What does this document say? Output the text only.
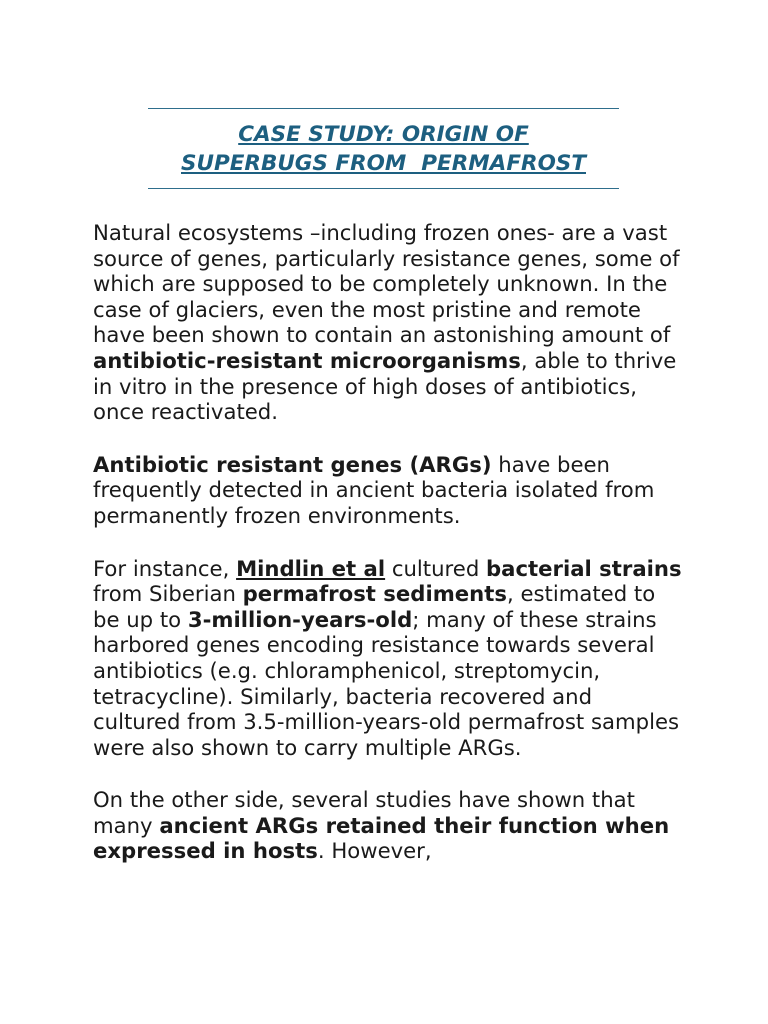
CASE STUDY: ORIGIN OF
SUPERBUGS FROM  PERMAFROST

Natural ecosystems –including frozen ones- are a vast source of genes, particularly resistance genes, some of which are supposed to be completely unknown. In the case of glaciers, even the most pristine and remote have been shown to contain an astonishing amount of antibiotic-resistant microorganisms, able to thrive in vitro in the presence of high doses of antibiotics, once reactivated.

Antibiotic resistant genes (ARGs) have been frequently detected in ancient bacteria isolated from permanently frozen environments.

For instance, Mindlin et al cultured bacterial strains from Siberian permafrost sediments, estimated to be up to 3-million-years-old; many of these strains harbored genes encoding resistance towards several antibiotics (e.g. chloramphenicol, streptomycin, tetracycline). Similarly, bacteria recovered and cultured from 3.5-million-years-old permafrost samples were also shown to carry multiple ARGs.

On the other side, several studies have shown that many ancient ARGs retained their function when expressed in hosts. However,
